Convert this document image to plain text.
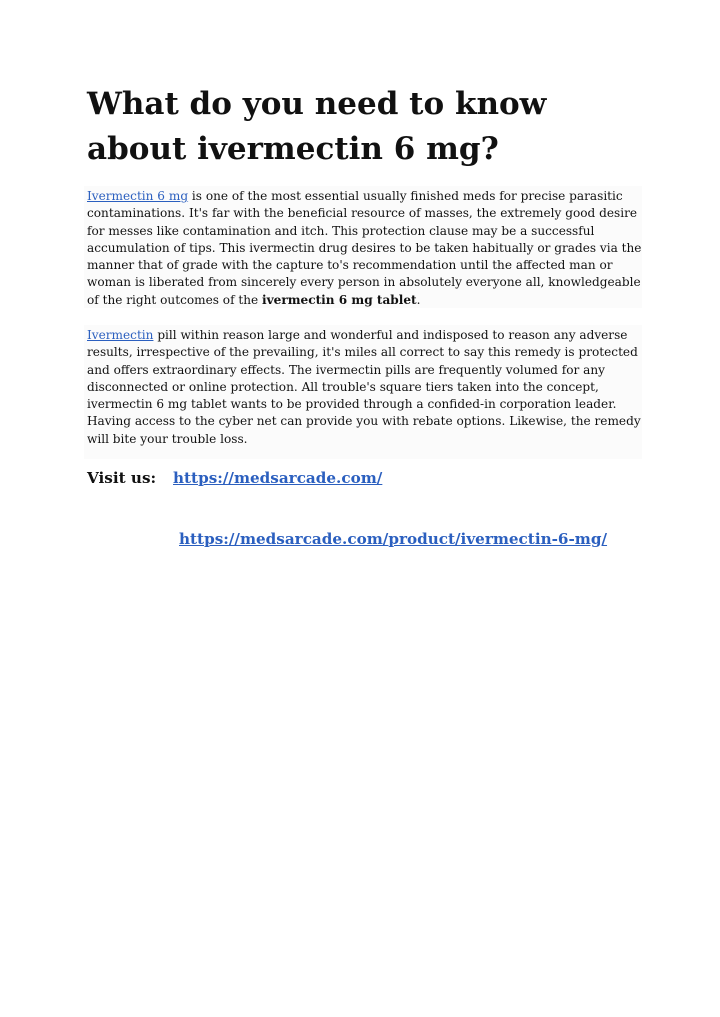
What do you need to know about ivermectin 6 mg?

Ivermectin 6 mg is one of the most essential usually finished meds for precise parasitic contaminations. It's far with the beneficial resource of masses, the extremely good desire for messes like contamination and itch. This protection clause may be a successful accumulation of tips. This ivermectin drug desires to be taken habitually or grades via the manner that of grade with the capture to's recommendation until the affected man or woman is liberated from sincerely every person in absolutely everyone all, knowledgeable of the right outcomes of the ivermectin 6 mg tablet.

Ivermectin pill within reason large and wonderful and indisposed to reason any adverse results, irrespective of the prevailing, it's miles all correct to say this remedy is protected and offers extraordinary effects. The ivermectin pills are frequently volumed for any disconnected or online protection. All trouble's square tiers taken into the concept, ivermectin 6 mg tablet wants to be provided through a confided-in corporation leader. Having access to the cyber net can provide you with rebate options. Likewise, the remedy will bite your trouble loss.

Visit us: https://medsarcade.com/
https://medsarcade.com/product/ivermectin-6-mg/
